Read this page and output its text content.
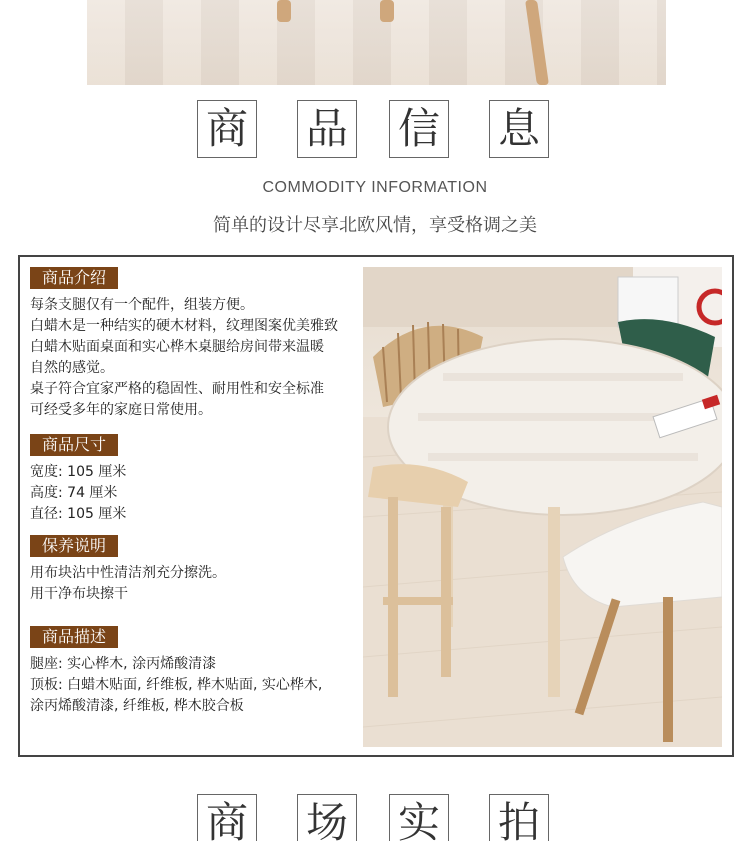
商 品 信 息
COMMODITY INFORMATION
简单的设计尽享北欧风情，享受格调之美
商品介绍
每条支腿仅有一个配件，组装方便。
白蜡木是一种结实的硬木材料，纹理图案优美雅致
白蜡木贴面桌面和实心桦木桌腿给房间带来温暖
自然的感觉。
桌子符合宜家严格的稳固性、耐用性和安全标准
可经受多年的家庭日常使用。
商品尺寸
宽度: 105 厘米
高度: 74 厘米
直径: 105 厘米
保养说明
用布块沾中性清洁剂充分擦洗。
用干净布块擦干
商品描述
腿座: 实心桦木, 涂丙烯酸清漆
顶板: 白蜡木贴面, 纤维板, 桦木贴面, 实心桦木,
涂丙烯酸清漆, 纤维板, 桦木胶合板
商 场 实 拍
